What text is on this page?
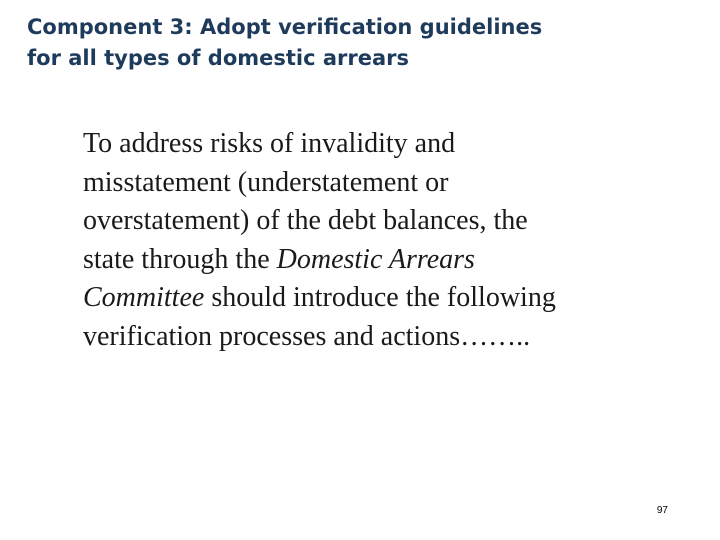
Component 3: Adopt verification guidelines
for all types of domestic arrears

To address risks of invalidity and
misstatement (understatement or
overstatement) of the debt balances, the
state through the Domestic Arrears
Committee should introduce the following
verification processes and actions……..

97
